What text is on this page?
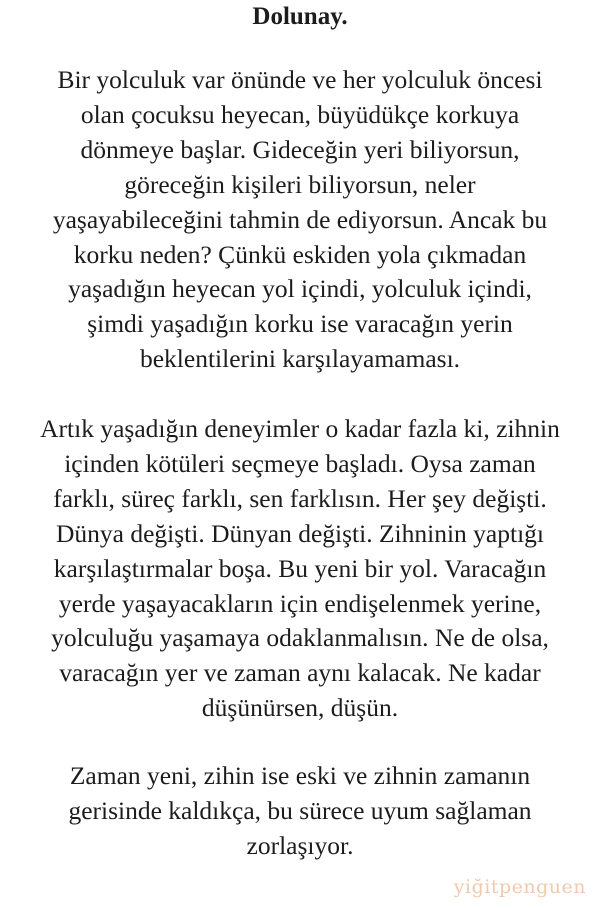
Dolunay.

Bir yolculuk var önünde ve her yolculuk öncesi
olan çocuksu heyecan, büyüdükçe korkuya
dönmeye başlar. Gideceğin yeri biliyorsun,
göreceğin kişileri biliyorsun, neler
yaşayabileceğini tahmin de ediyorsun. Ancak bu
korku neden? Çünkü eskiden yola çıkmadan
yaşadığın heyecan yol içindi, yolculuk içindi,
şimdi yaşadığın korku ise varacağın yerin
beklentilerini karşılayamaması.

Artık yaşadığın deneyimler o kadar fazla ki, zihnin
içinden kötüleri seçmeye başladı. Oysa zaman
farklı, süreç farklı, sen farklısın. Her şey değişti.
Dünya değişti. Dünyan değişti. Zihninin yaptığı
karşılaştırmalar boşa. Bu yeni bir yol. Varacağın
yerde yaşayacakların için endişelenmek yerine,
yolculuğu yaşamaya odaklanmalısın. Ne de olsa,
varacağın yer ve zaman aynı kalacak. Ne kadar
düşünürsen, düşün.

Zaman yeni, zihin ise eski ve zihnin zamanın
gerisinde kaldıkça, bu sürece uyum sağlaman
zorlaşıyor.

yiğitpenguen
